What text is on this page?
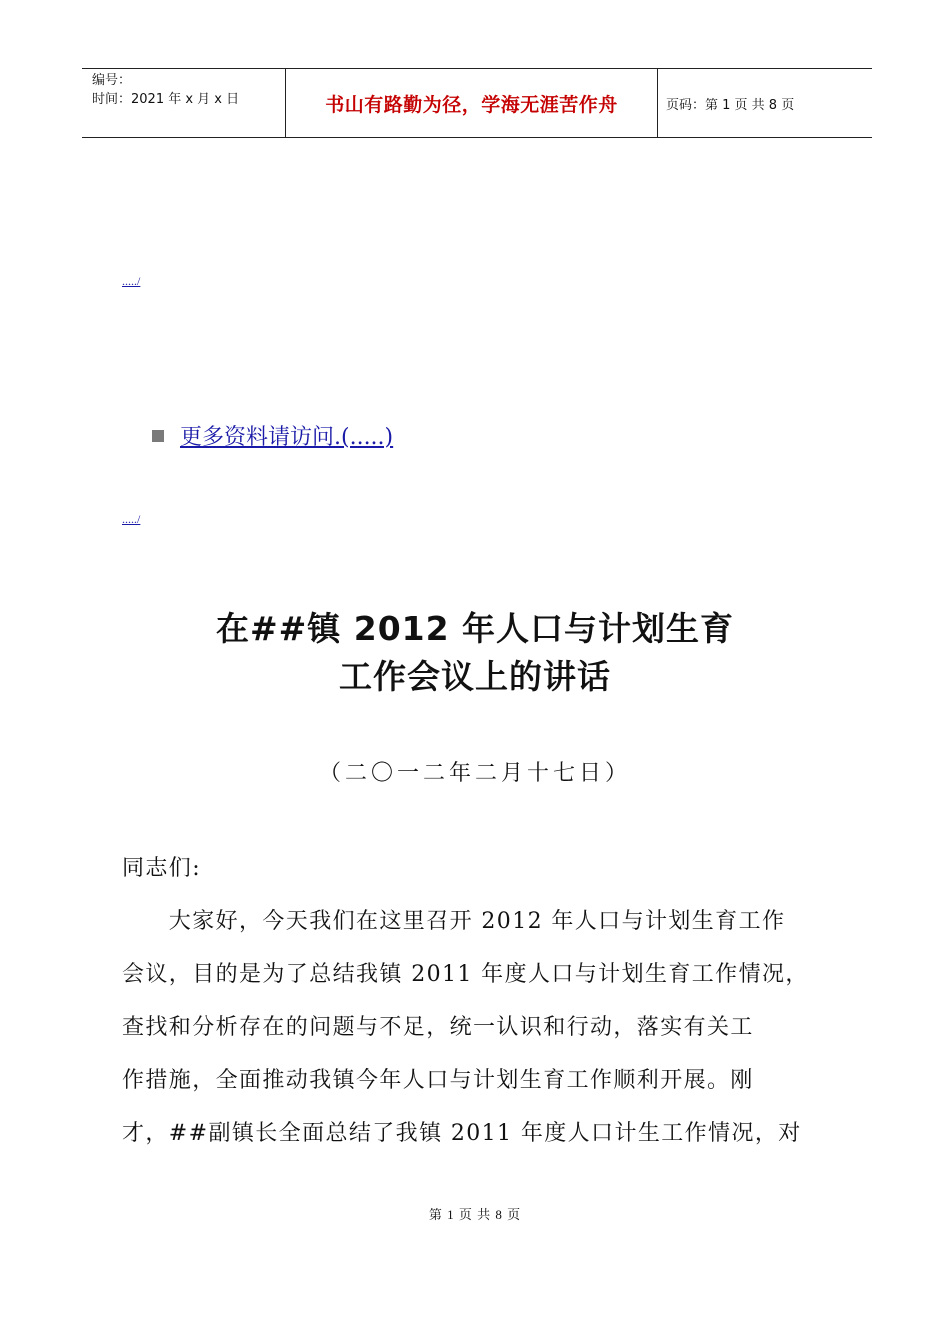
编号：
时间：2021 年 x 月 x 日	书山有路勤为径，学海无涯苦作舟	页码：第 1 页 共 8 页
...../
更多资料请访问.(.....)
...../
在##镇 2012 年人口与计划生育
工作会议上的讲话
（二〇一二年二月十七日）
同志们:
　　大家好，今天我们在这里召开 2012 年人口与计划生育工作
会议，目的是为了总结我镇 2011 年度人口与计划生育工作情况，
查找和分析存在的问题与不足，统一认识和行动，落实有关工
作措施，全面推动我镇今年人口与计划生育工作顺利开展。刚
才，##副镇长全面总结了我镇 2011 年度人口计生工作情况，对
第 1 页 共 8 页
